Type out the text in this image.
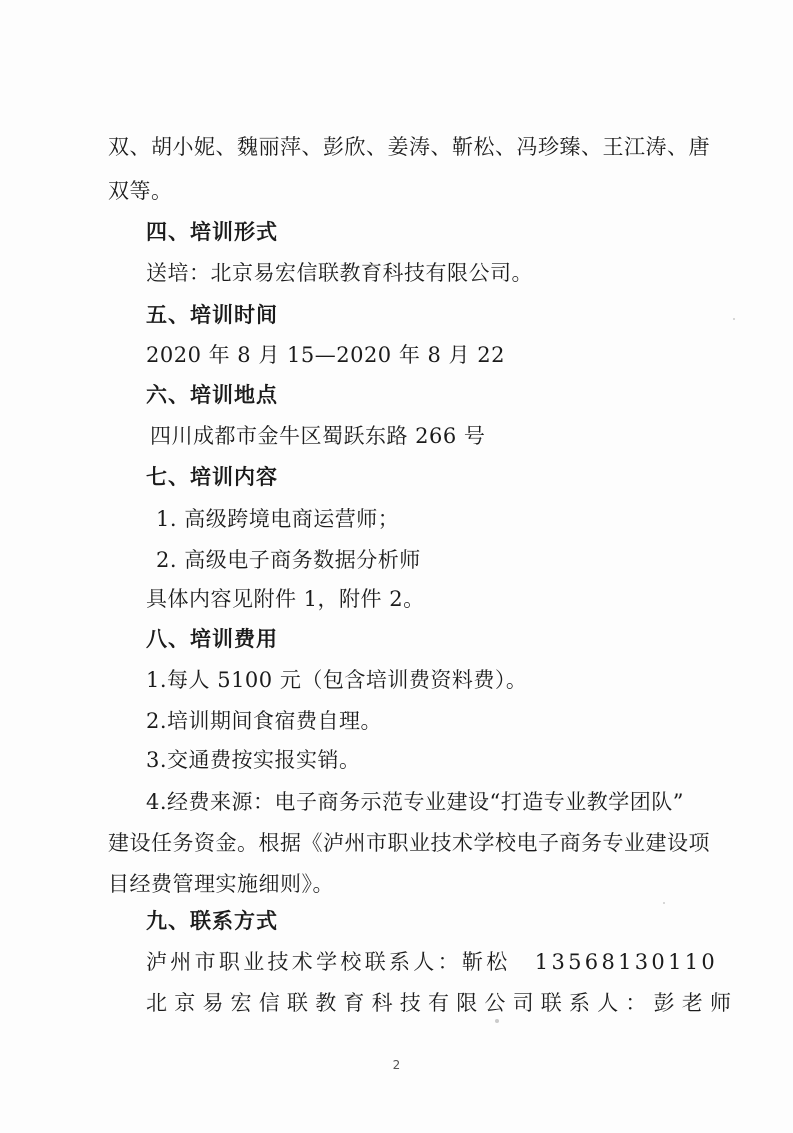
双、胡小妮、魏丽萍、彭欣、姜涛、靳松、冯珍臻、王江涛、唐
双等。
四、培训形式
送培：北京易宏信联教育科技有限公司。
五、培训时间
2020 年 8 月 15—2020 年 8 月 22
六、培训地点
四川成都市金牛区蜀跃东路 266 号
七、培训内容
1. 高级跨境电商运营师；
2. 高级电子商务数据分析师
具体内容见附件 1，附件 2。
八、培训费用
1.每人 5100 元（包含培训费资料费）。
2.培训期间食宿费自理。
3.交通费按实报实销。
4.经费来源：电子商务示范专业建设“打造专业教学团队”
建设任务资金。根据《泸州市职业技术学校电子商务专业建设项
目经费管理实施细则》。
九、联系方式
泸州市职业技术学校联系人：靳松　13568130110
北京易宏信联教育科技有限公司联系人：彭老师
2
